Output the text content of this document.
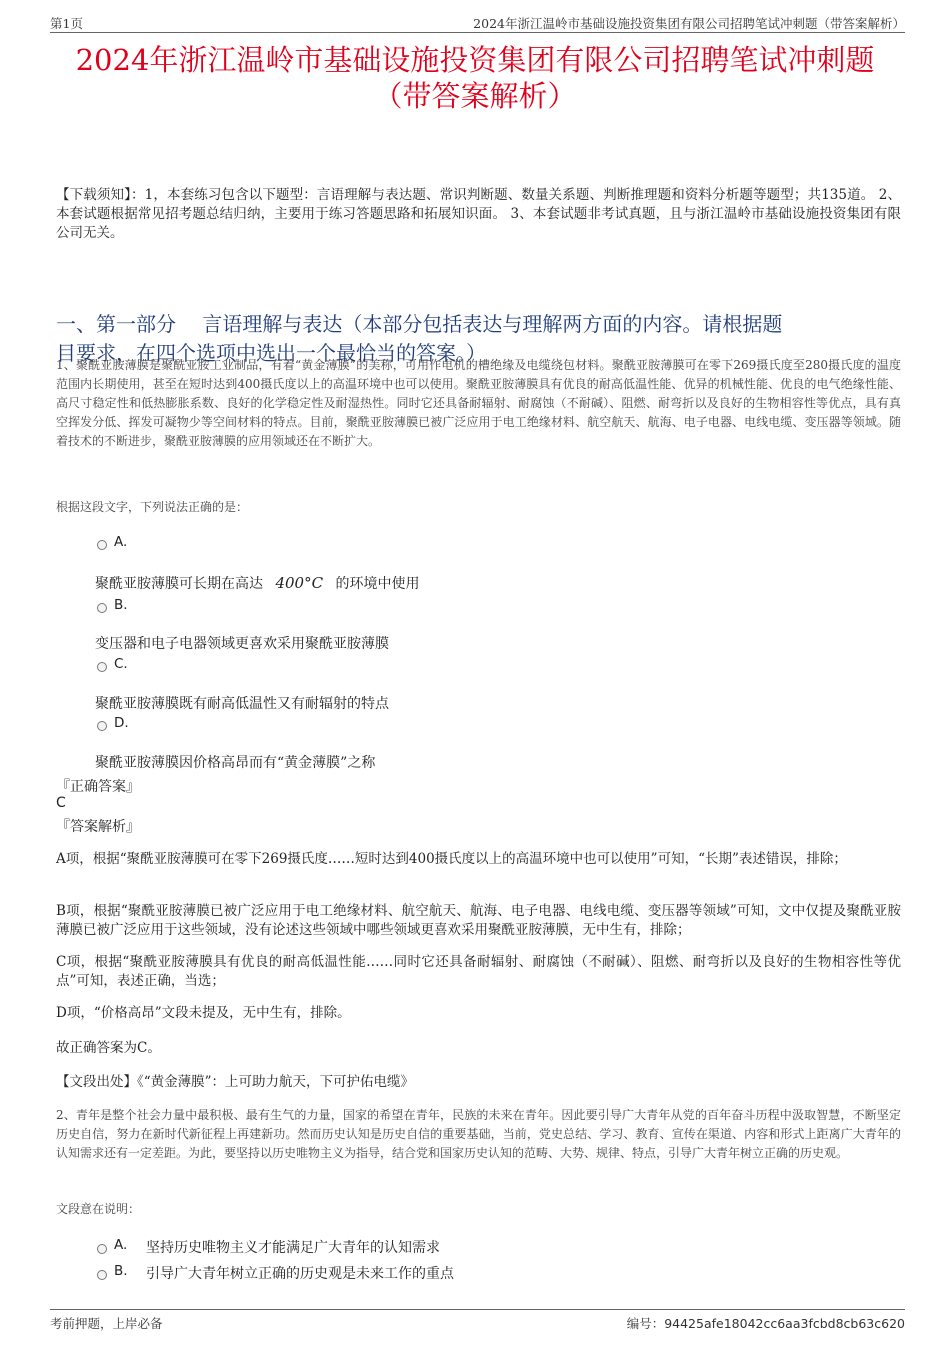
第1页	2024年浙江温岭市基础设施投资集团有限公司招聘笔试冲刺题（带答案解析）
2024年浙江温岭市基础设施投资集团有限公司招聘笔试冲刺题
（带答案解析）
【下载须知】：1，本套练习包含以下题型：言语理解与表达题、常识判断题、数量关系题、判断推理题和资料分析题等题型；共135道。 2、本套试题根据常见招考题总结归纳，主要用于练习答题思路和拓展知识面。 3、本套试题非考试真题，且与浙江温岭市基础设施投资集团有限公司无关。
一、第一部分　 言语理解与表达（本部分包括表达与理解两方面的内容。请根据题
目要求，在四个选项中选出一个最恰当的答案。）
1、聚酰亚胺薄膜是聚酰亚胺工业制品，有着“黄金薄膜”的美称，可用作电机的槽绝缘及电缆绕包材料。聚酰亚胺薄膜可在零下269摄氏度至280摄氏度的温度范围内长期使用，甚至在短时达到400摄氏度以上的高温环境中也可以使用。聚酰亚胺薄膜具有优良的耐高低温性能、优异的机械性能、优良的电气绝缘性能、高尺寸稳定性和低热膨胀系数、良好的化学稳定性及耐湿热性。同时它还具备耐辐射、耐腐蚀（不耐碱）、阻燃、耐弯折以及良好的生物相容性等优点，具有真空挥发分低、挥发可凝物少等空间材料的特点。目前，聚酰亚胺薄膜已被广泛应用于电工绝缘材料、航空航天、航海、电子电器、电线电缆、变压器等领域。随着技术的不断进步，聚酰亚胺薄膜的应用领域还在不断扩大。
根据这段文字，下列说法正确的是：
A.
聚酰亚胺薄膜可长期在高达 400°C 的环境中使用
B.
变压器和电子电器领域更喜欢采用聚酰亚胺薄膜
C.
聚酰亚胺薄膜既有耐高低温性又有耐辐射的特点
D.
聚酰亚胺薄膜因价格高昂而有“黄金薄膜”之称
『正确答案』
C
『答案解析』
A项，根据“聚酰亚胺薄膜可在零下269摄氏度……短时达到400摄氏度以上的高温环境中也可以使用”可知，“长期”表述错误，排除；
B项，根据“聚酰亚胺薄膜已被广泛应用于电工绝缘材料、航空航天、航海、电子电器、电线电缆、变压器等领域”可知，文中仅提及聚酰亚胺薄膜已被广泛应用于这些领域，没有论述这些领域中哪些领域更喜欢采用聚酰亚胺薄膜，无中生有，排除；
C项，根据“聚酰亚胺薄膜具有优良的耐高低温性能……同时它还具备耐辐射、耐腐蚀（不耐碱）、阻燃、耐弯折以及良好的生物相容性等优点”可知，表述正确，当选；
D项，“价格高昂”文段未提及，无中生有，排除。
故正确答案为C。
【文段出处】《“黄金薄膜”：上可助力航天，下可护佑电缆》
2、青年是整个社会力量中最积极、最有生气的力量，国家的希望在青年，民族的未来在青年。因此要引导广大青年从党的百年奋斗历程中汲取智慧，不断坚定历史自信，努力在新时代新征程上再建新功。然而历史认知是历史自信的重要基础，当前，党史总结、学习、教育、宣传在渠道、内容和形式上距离广大青年的认知需求还有一定差距。为此，要坚持以历史唯物主义为指导，结合党和国家历史认知的范畴、大势、规律、特点，引导广大青年树立正确的历史观。
文段意在说明：
A. 坚持历史唯物主义才能满足广大青年的认知需求
B. 引导广大青年树立正确的历史观是未来工作的重点
考前押题，上岸必备	编号：94425afe18042cc6aa3fcbd8cb63c620
